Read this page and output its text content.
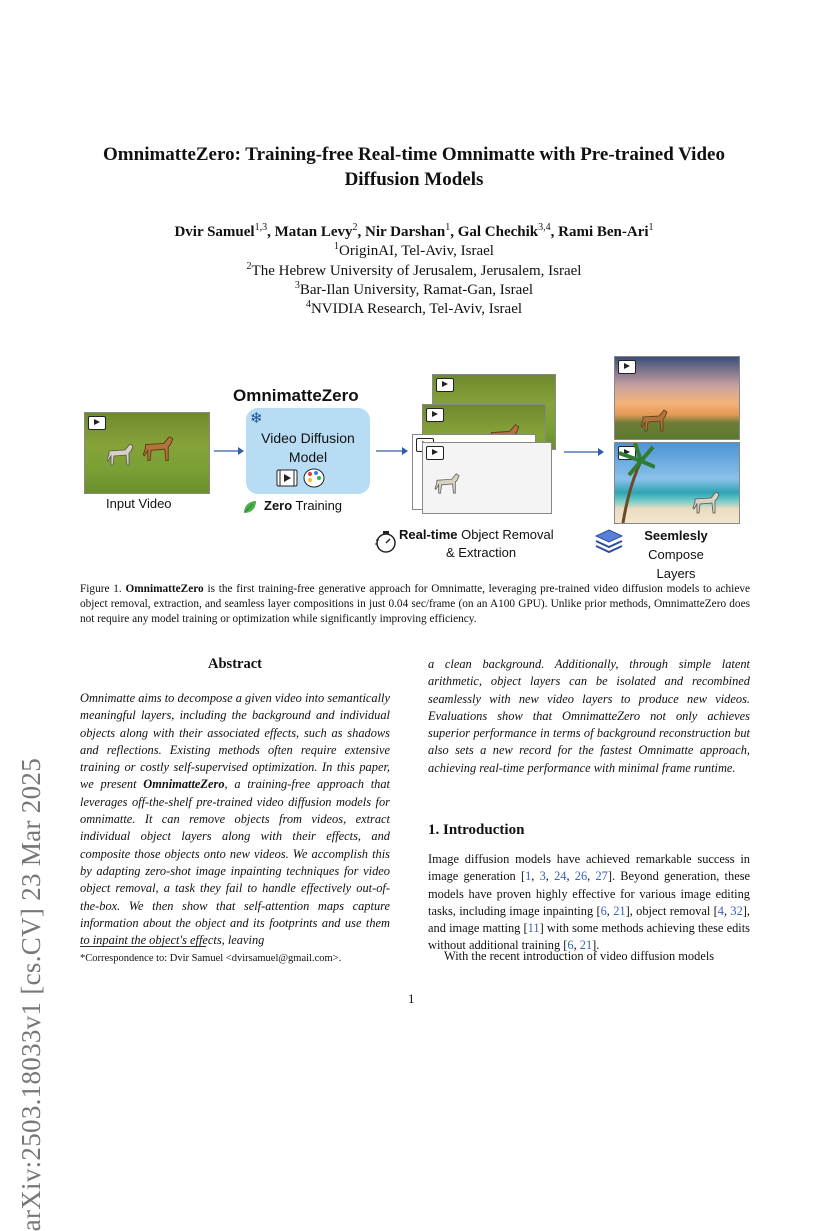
arXiv:2503.18033v1 [cs.CV] 23 Mar 2025
OmnimatteZero: Training-free Real-time Omnimatte with Pre-trained Video
Diffusion Models
Dvir Samuel$^{1,3}$, Matan Levy$^2$, Nir Darshan$^1$, Gal Chechik$^{3,4}$, Rami Ben-Ari$^1$
$^1$OriginAI, Tel-Aviv, Israel
$^2$The Hebrew University of Jerusalem, Jerusalem, Israel
$^3$Bar-Ilan University, Ramat-Gan, Israel
$^4$NVIDIA Research, Tel-Aviv, Israel
Input Video
OmnimatteZero
❄
Video Diffusion
Model
Zero Training
Real-time Object Removal
& Extraction
Seemlesly
Compose Layers
Figure 1. OmnimatteZero is the first training-free generative approach for Omnimatte, leveraging pre-trained video diffusion models to achieve object removal, extraction, and seamless layer compositions in just 0.04 sec/frame (on an A100 GPU). Unlike prior methods, OmnimatteZero does not require any model training or optimization while significantly improving efficiency.
Abstract
Omnimatte aims to decompose a given video into semantically meaningful layers, including the background and individual objects along with their associated effects, such as shadows and reflections. Existing methods often require extensive training or costly self-supervised optimization. In this paper, we present OmnimatteZero, a training-free approach that leverages off-the-shelf pre-trained video diffusion models for omnimatte. It can remove objects from videos, extract individual object layers along with their effects, and composite those objects onto new videos. We accomplish this by adapting zero-shot image inpainting techniques for video object removal, a task they fail to handle effectively out-of-the-box. We then show that self-attention maps capture information about the object and its footprints and use them to inpaint the object's effects, leaving
a clean background. Additionally, through simple latent arithmetic, object layers can be isolated and recombined seamlessly with new video layers to produce new videos. Evaluations show that OmnimatteZero not only achieves superior performance in terms of background reconstruction but also sets a new record for the fastest Omnimatte approach, achieving real-time performance with minimal frame runtime.
1. Introduction
Image diffusion models have achieved remarkable success in image generation [1, 3, 24, 26, 27]. Beyond generation, these models have proven highly effective for various image editing tasks, including image inpainting [6, 21], object removal [4, 32], and image matting [11] with some methods achieving these edits without additional training [6, 21].
With the recent introduction of video diffusion models
*Correspondence to: Dvir Samuel <dvirsamuel@gmail.com>.
1
